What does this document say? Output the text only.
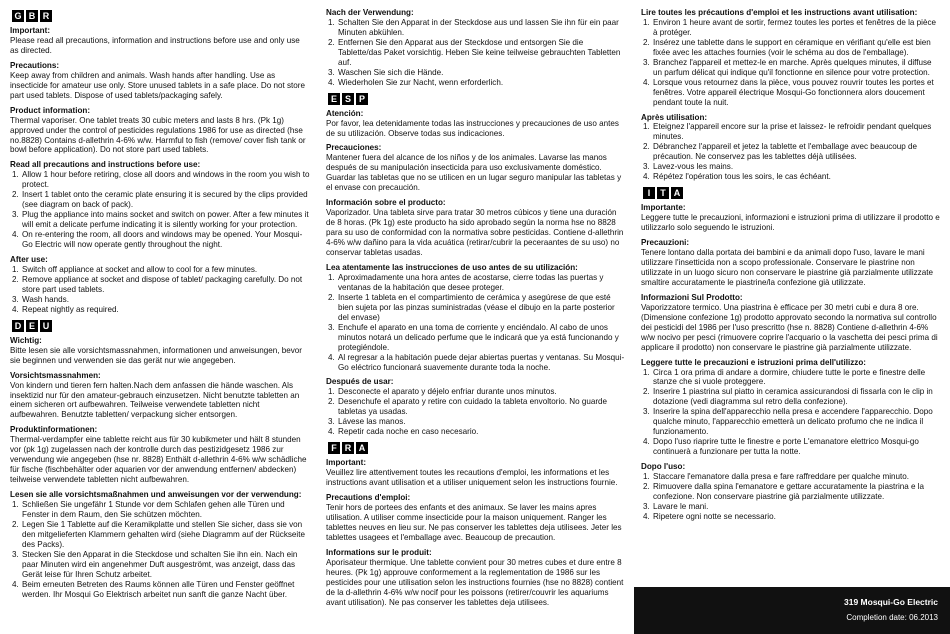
G B R
Important:

Please read all precautions, information and instructions before use and only use as directed.

Precautions:

Keep away from children and animals. Wash hands after handling. Use as insecticide for amateur use only. Store unused tablets in a safe place. Do not store part used tablets. Dispose of used tablets/packaging safely.

Product information:

Thermal vaporiser. One tablet treats 30 cubic meters and lasts 8 hrs. (Pk 1g) approved under the control of pesticides regulations 1986 for use as directed (hse no.8828) Contains d-allethrin 4-6% w/w. Harmful to fish (remove/ cover fish tank or bowl before application). Do not store part used tablets.

Read all precautions and instructions before use:
1. Allow 1 hour before retiring, close all doors and windows in the room you wish to protect.
2. Insert 1 tablet onto the ceramic plate ensuring it is secured by the clips provided (see diagram on back of pack).
3. Plug the appliance into mains socket and switch on power. After a few minutes it will emit a delicate perfume indicating it is silently working for your protection.
4. On re-entering the room, all doors and windows may be opened. Your Mosqui-Go Electric will now operate gently throughout the night.
After use:
1. Switch off appliance at socket and allow to cool for a few minutes.
2. Remove appliance at socket and dispose of tablet/ packaging carefully. Do not store part used tablets.
3. Wash hands.
4. Repeat nightly as required.
D E U
Wichtig:

Bitte lesen sie alle vorsichtsmassnahmen, informationen und anweisungen, bevor sie beginnen und verwenden sie das gerät nur wie angegeben.

Vorsichtsmassnahmen:

Von kindern und tieren fern halten.Nach dem anfassen die hände waschen. Als insektizid nur für den amateur-gebrauch einzusetzen. Nicht benutzte tabletten an einem sicheren ort aufbewahren. Teilweise verwendete tabletten nicht aufbewahren. Benutzte tabletten/ verpackung sicher entsorgen.

Produktinformationen:

Thermal-verdampfer eine tablette reicht aus für 30 kubikmeter und hält 8 stunden vor (pk 1g) zugelassen nach der kontrolle durch das pestizidgesetz 1986 zur verwendung wie angegeben (hse nr. 8828) Enthält d-allethrin 4-6% w/w schädliche für fische (fischbehälter oder aquarien vor der anwendung entfernen/ abdecken) teilweise verwendete tabletten nicht aufbewahren.

Lesen sie alle vorsichtsmaßnahmen und anweisungen vor der verwendung:
1. Schließen Sie ungefähr 1 Stunde vor dem Schlafen gehen alle Türen und Fenster in dem Raum, den Sie schützen möchten.
2. Legen Sie 1 Tablette auf die Keramikplatte und stellen Sie sicher, dass sie von den mitgelieferten Klammern gehalten wird (siehe Diagramm auf der Rückseite des Packs).
3. Stecken Sie den Apparat in die Steckdose und schalten Sie ihn ein. Nach ein paar Minuten wird ein angenehmer Duft ausgeströmt, was anzeigt, dass das Gerät leise für Ihren Schutz arbeitet.
4. Beim erneuten Betreten des Raums können alle Türen und Fenster geöffnet werden. Ihr Mosqui Go Elektrisch arbeitet nun sanft die ganze Nacht über.
Nach der Verwendung:
1. Schalten Sie den Apparat in der Steckdose aus und lassen Sie ihn für ein paar Minuten abkühlen.
2. Entfernen Sie den Apparat aus der Steckdose und entsorgen Sie die Tablette/das Paket vorsichtig. Heben Sie keine teilweise gebrauchten Tabletten auf.
3. Waschen Sie sich die Hände.
4. Wiederholen Sie zur Nacht, wenn erforderlich.
E S P
Atención:

Por favor, lea detenidamente todas las instrucciones y precauciones de uso antes de su utilización. Observe todas sus indicaciones.

Precauciones:

Mantener fuera del alcance de los niños y de los animales. Lavarse las manos después de su manipulación insecticida para uso exclusivamente doméstico. Guardar las tabletas que no se utilicen en un lugar seguro manipular las tabletas y el envase con precaución.

Información sobre el producto:

Vaporizador. Una tableta sirve para tratar 30 metros cúbicos y tiene una duración de 8 horas. (Pk 1g) este producto ha sido aprobado según la norma hse no 8828 para su uso de conformidad con la normativa sobre pesticidas. Contiene d-allethrin 4-6% w/w dañino para la vida acuática (retirar/cubrir la peceraantes de su uso) no conservar tabletas usadas.

Lea atentamente las instrucciones de uso antes de su utilización:
1. Aproximadamente una hora antes de acostarse, cierre todas las puertas y ventanas de la habitación que desee proteger.
2. Inserte 1 tableta en el compartimiento de cerámica y asegúrese de que esté bien sujeta por las pinzas suministradas (véase el dibujo en la parte posterior del envase)
3. Enchufe el aparato en una toma de corriente y enciéndalo. Al cabo de unos minutos notará un delicado perfume que le indicará que ya está funcionando y protegiéndole.
4. Al regresar a la habitación puede dejar abiertas puertas y ventanas. Su Mosqui-Go eléctrico funcionará suavemente durante toda la noche.
Después de usar:
1. Desconecte el aparato y déjelo enfriar durante unos minutos.
2. Desenchufe el aparato y retire con cuidado la tableta envoltorio. No guarde tabletas ya usadas.
3. Lávese las manos.
4. Repetir cada noche en caso necesario.
F R A
Important:

Veuillez lire attentivement toutes les recautions d'emploi, les informations et les instructions avant utilisation et a utiliser uniquement selon les instructions fournie.

Precautions d'emploi:

Tenir hors de portees des enfants et des animaux. Se laver les mains apres utilisation. A utiliser comme insecticide pour la maison uniquement. Ranger les tablettes neuves en lieu sur. Ne pas conserver les tablettes deja utilisees. Jeter les tablettes usagees et l'emballage avec. Beaucoup de precaution.

Informations sur le produit:

Aporisateur thermique. Une tablette convient pour 30 metres cubes et dure entre 8 heures. (Pk 1g) approuve conformement a la reglementation de 1986 sur les pesticides pour une utilisation selon les instructions fournies (hse no 8828) contient de la d-allethrin 4-6% w/w nocif pour les poissons (retirer/couvrir les aquariums avant utilisation). Ne pas conserver les tablettes deja utilisees.

Lire toutes les précautions d'emploi et les instructions avant utilisation:
1. Environ 1 heure avant de sortir, fermez toutes les portes et fenêtres de la pièce à protéger.
2. Insérez une tablette dans le support en céramique en vérifiant qu'elle est bien fixée avec les attaches fournies (voir le schéma au dos de l'emballage).
3. Branchez l'appareil et mettez-le en marche. Après quelques minutes, il diffuse un parfum délicat qui indique qu'il fonctionne en silence pour votre protection.
4. Lorsque vous retournez dans la pièce, vous pouvez rouvrir toutes les portes et fenêtres. Votre appareil électrique Mosqui-Go fonctionnera alors doucement pendant toute la nuit.
Après utilisation:
1. Eteignez l'appareil encore sur la prise et laissez- le refroidir pendant quelques minutes.
2. Débranchez l'appareil et jetez la tablette et l'emballage avec beaucoup de précaution. Ne conservez pas les tablettes déjà utilisées.
3. Lavez-vous les mains.
4. Répétez l'opération tous les soirs, le cas échéant.
I	T A
Importante:

Leggere tutte le precauzioni, informazioni e istruzioni prima di utilizzare il prodotto e utilizzarlo solo seguendo le istruzioni.

Precauzioni:

Tenere lontano dalla portata dei bambini e da animali dopo l'uso, lavare le mani utilizzare l'insetticida non a scopo professionale. Conservare le piastrine non utilizzate in un luogo sicuro non conservare le piastrine già parzialmente utilizzate smaltire accuratamente le piastrine/la confezione già utilizzate.

Informazioni Sul Prodotto:

Vaporizzatore termico. Una piastrina è efficace per 30 metri cubi e dura 8 ore. (Dimensione confezione 1g) prodotto approvato secondo la normativa sul controllo dei pesticidi del 1986 per l'uso prescritto (hse n. 8828) Contiene d-allethrin 4-6% w/w nocivo per pesci (rimuovere coprire l'acquario o la vaschetta dei pesci prima di applicare il prodotto) non conservare le piastrine già parzialmente utilizzate.

Leggere tutte le precauzioni e istruzioni prima dell'utilizzo:
1. Circa 1 ora prima di andare a dormire, chiudere tutte le porte e finestre delle stanze che si vuole proteggere.
2. Inserire 1 piastrina sul piatto in ceramica assicurandosi di fissarla con le clip in dotazione (vedi diagramma sul retro della confezione).
3. Inserire la spina dell'apparecchio nella presa e accendere l'apparecchio. Dopo qualche minuto, l'apparecchio emetterà un delicato profumo che ne indica il funzionamento.
4. Dopo l'uso riaprire tutte le finestre e porte L'emanatore elettrico Mosqui-go continuerà a funzionare per tutta la notte.
Dopo l'uso:
1. Staccare l'emanatore dalla presa e fare raffreddare per qualche minuto.
2. Rimuovere dalla spina l'emanatore e gettare accuratamente la piastrina e la confezione. Non conservare piastrine già parzialmente utilizzate.
3. Lavare le mani.
4. Ripetere ogni notte se necessario.
319 Mosqui-Go Electric
Completion date: 06.2013
